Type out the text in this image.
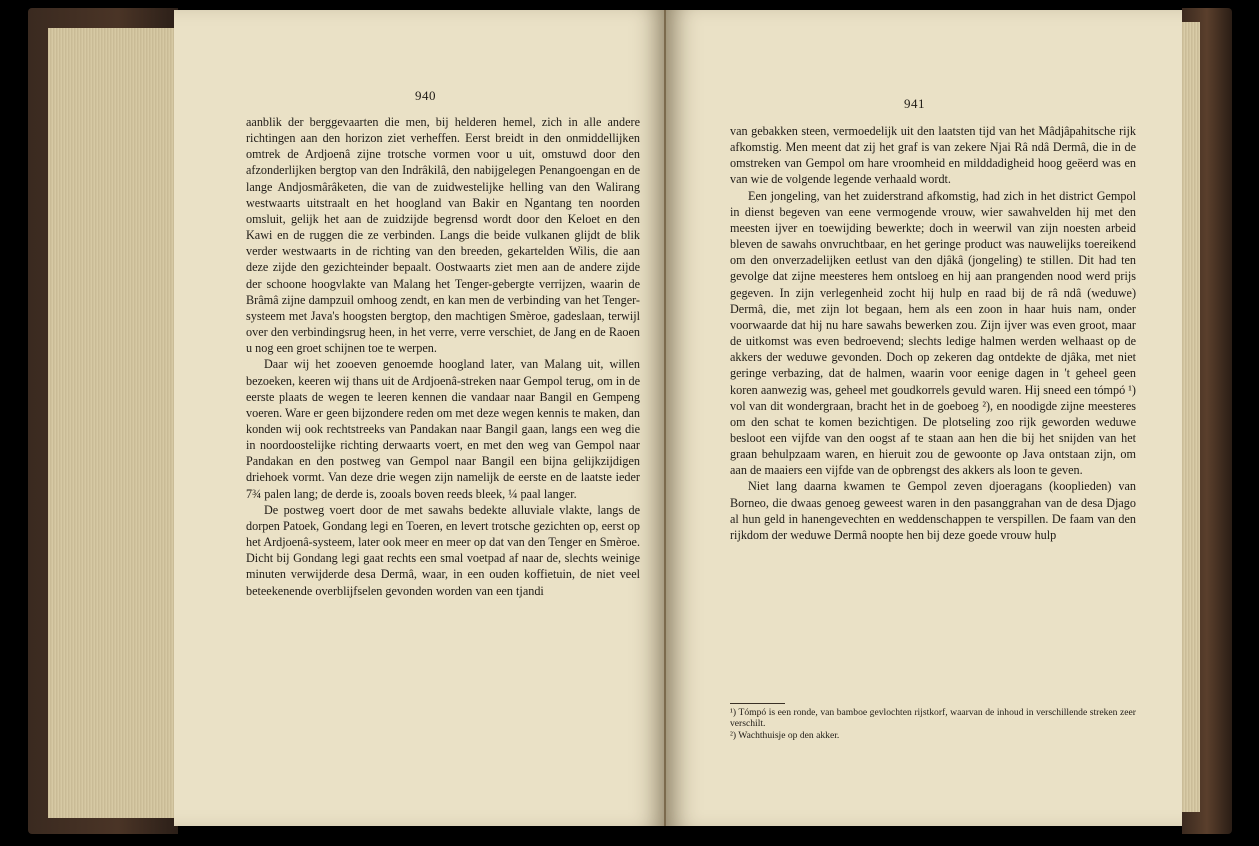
940

aanblik der berggevaarten die men, bij helderen hemel, zich in alle andere richtingen aan den horizon ziet verheffen. Eerst breidt in den onmiddellijken omtrek de Ardjoenâ zijne trotsche vormen voor u uit, omstuwd door den afzonderlijken bergtop van den Indrâkilâ, den nabijgelegen Penangoengan en de lange Andjosmârâketen, die van de zuidwestelijke helling van den Walirang westwaarts uitstraalt en het hoogland van Bakir en Ngantang ten noorden omsluit, gelijk het aan de zuidzijde begrensd wordt door den Keloet en den Kawi en de ruggen die ze verbinden. Langs die beide vulkanen glijdt de blik verder westwaarts in de richting van den breeden, gekartelden Wilis, die aan deze zijde den gezichteinder bepaalt. Oostwaarts ziet men aan de andere zijde der schoone hoogvlakte van Malang het Tenger-gebergte verrijzen, waarin de Brâmâ zijne dampzuil omhoog zendt, en kan men de verbinding van het Tenger-systeem met Java's hoogsten bergtop, den machtigen Smèroe, gadeslaan, terwijl over den verbindingsrug heen, in het verre, verre verschiet, de Jang en de Raoen u nog een groet schijnen toe te werpen.

Daar wij het zooeven genoemde hoogland later, van Malang uit, willen bezoeken, keeren wij thans uit de Ardjoenâ-streken naar Gempol terug, om in de eerste plaats de wegen te leeren kennen die vandaar naar Bangil en Gempeng voeren. Ware er geen bijzondere reden om met deze wegen kennis te maken, dan konden wij ook rechtstreeks van Pandakan naar Bangil gaan, langs een weg die in noordoostelijke richting derwaarts voert, en met den weg van Gempol naar Pandakan en den postweg van Gempol naar Bangil een bijna gelijkzijdigen driehoek vormt. Van deze drie wegen zijn namelijk de eerste en de laatste ieder 7¾ palen lang; de derde is, zooals boven reeds bleek, ¼ paal langer.

De postweg voert door de met sawahs bedekte alluviale vlakte, langs de dorpen Patoek, Gondang legi en Toeren, en levert trotsche gezichten op, eerst op het Ardjoenâ-systeem, later ook meer en meer op dat van den Tenger en Smèroe. Dicht bij Gondang legi gaat rechts een smal voetpad af naar de, slechts weinige minuten verwijderde desa Dermâ, waar, in een ouden koffietuin, de niet veel beteekenende overblijfselen gevonden worden van een tjandi

941

van gebakken steen, vermoedelijk uit den laatsten tijd van het Mâdjâpahitsche rijk afkomstig. Men meent dat zij het graf is van zekere Njai Râ ndâ Dermâ, die in de omstreken van Gempol om hare vroomheid en milddadigheid hoog geëerd was en van wie de volgende legende verhaald wordt.

Een jongeling, van het zuiderstrand afkomstig, had zich in het district Gempol in dienst begeven van eene vermogende vrouw, wier sawahvelden hij met den meesten ijver en toewijding bewerkte; doch in weerwil van zijn noesten arbeid bleven de sawahs onvruchtbaar, en het geringe product was nauwelijks toereikend om den onverzadelijken eetlust van den djâkâ (jongeling) te stillen. Dit had ten gevolge dat zijne meesteres hem ontsloeg en hij aan prangenden nood werd prijs gegeven. In zijn verlegenheid zocht hij hulp en raad bij de râ ndâ (weduwe) Dermâ, die, met zijn lot begaan, hem als een zoon in haar huis nam, onder voorwaarde dat hij nu hare sawahs bewerken zou. Zijn ijver was even groot, maar de uitkomst was even bedroevend; slechts ledige halmen werden welhaast op de akkers der weduwe gevonden. Doch op zekeren dag ontdekte de djâka, met niet geringe verbazing, dat de halmen, waarin voor eenige dagen in 't geheel geen koren aanwezig was, geheel met goudkorrels gevuld waren. Hij sneed een tómpó ¹) vol van dit wondergraan, bracht het in de goeboeg ²), en noodigde zijne meesteres om den schat te komen bezichtigen. De plotseling zoo rijk geworden weduwe besloot een vijfde van den oogst af te staan aan hen die bij het snijden van het graan behulpzaam waren, en hieruit zou de gewoonte op Java ontstaan zijn, om aan de maaiers een vijfde van de opbrengst des akkers als loon te geven.

Niet lang daarna kwamen te Gempol zeven djoeragans (kooplieden) van Borneo, die dwaas genoeg geweest waren in den pasanggrahan van de desa Djago al hun geld in hanengevechten en weddenschappen te verspillen. De faam van den rijkdom der weduwe Dermâ noopte hen bij deze goede vrouw hulp

¹) Tómpó is een ronde, van bamboe gevlochten rijstkorf, waarvan de inhoud in verschillende streken zeer verschilt.

²) Wachthuisje op den akker.
